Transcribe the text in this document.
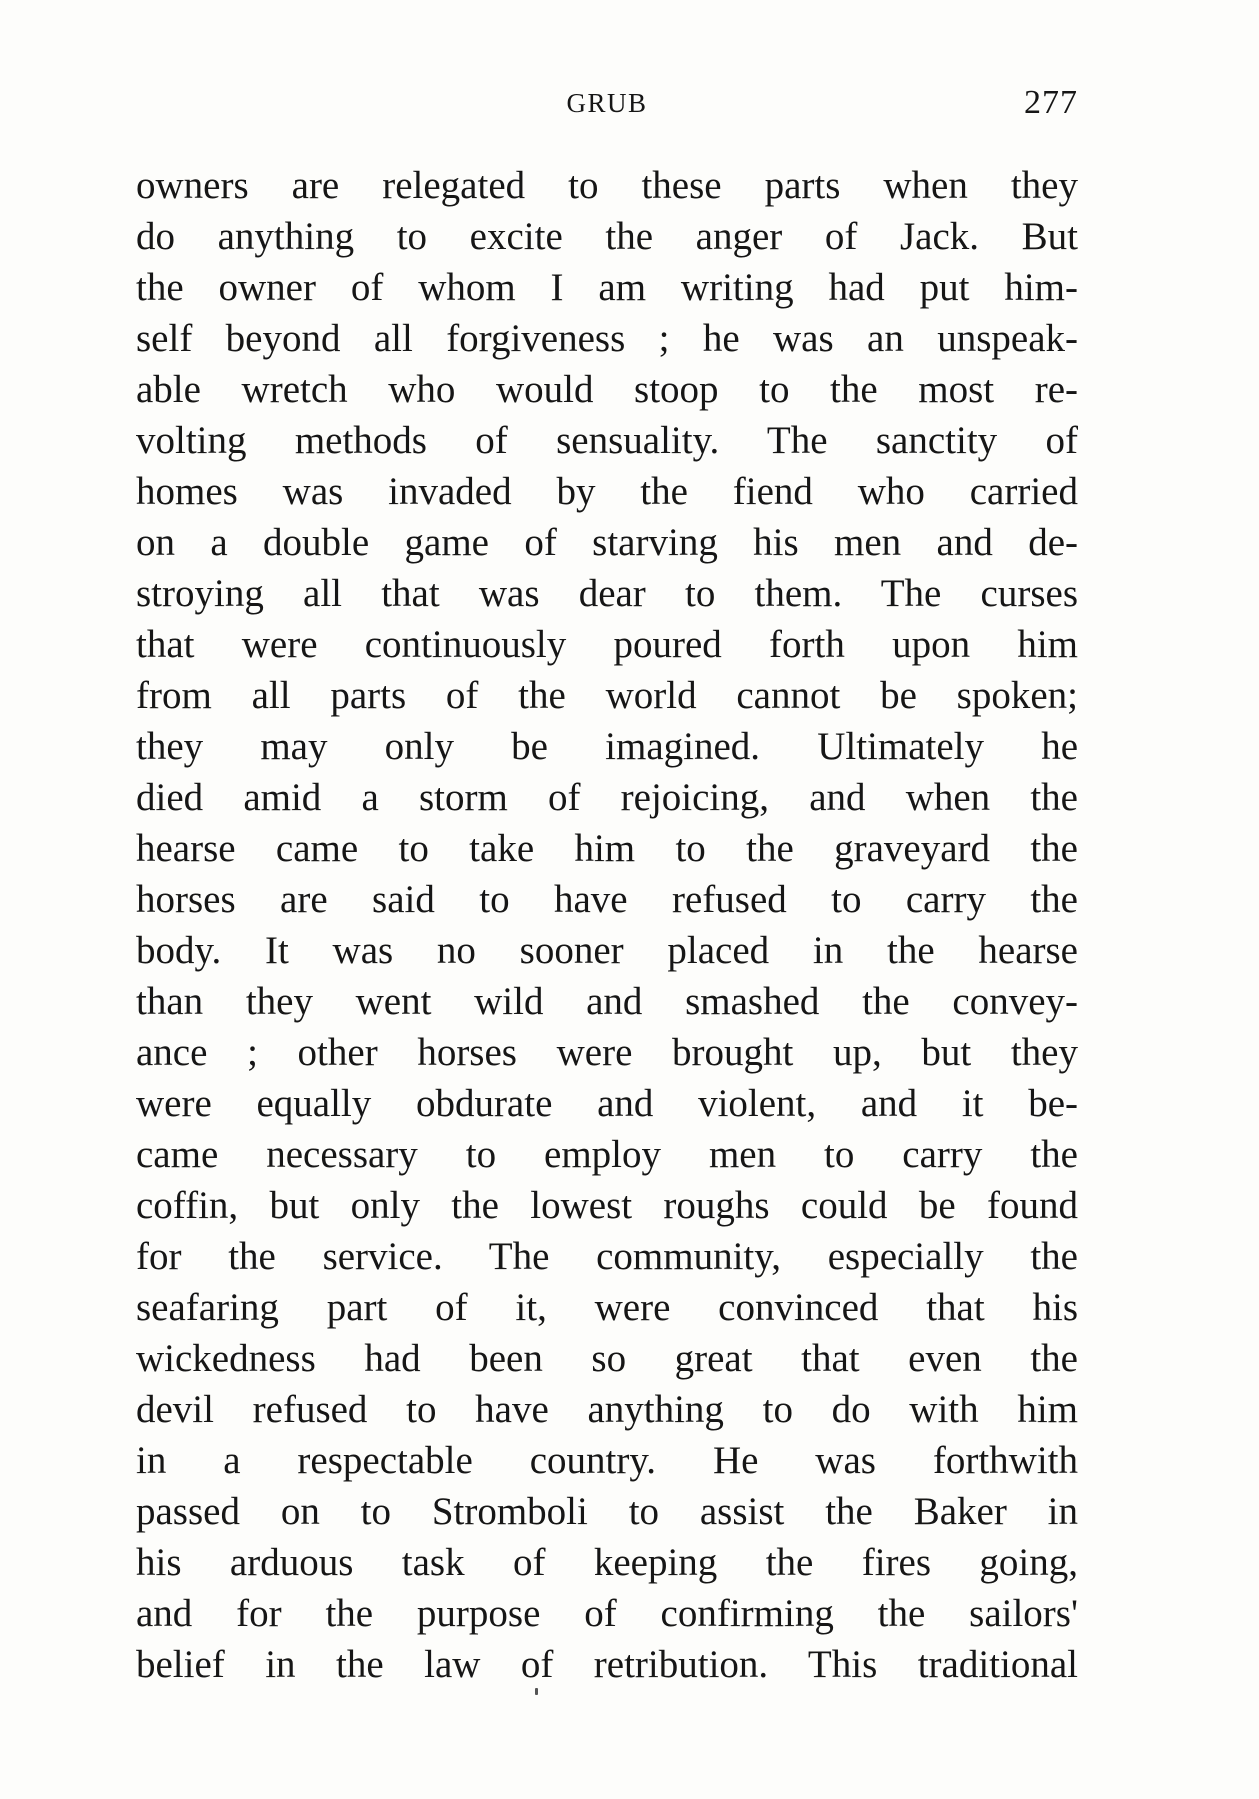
GRUB	277
owners are relegated to these parts when they
do anything to excite the anger of Jack. But
the owner of whom I am writing had put him-
self beyond all forgiveness ; he was an unspeak-
able wretch who would stoop to the most re-
volting methods of sensuality. The sanctity of
homes was invaded by the fiend who carried
on a double game of starving his men and de-
stroying all that was dear to them. The curses
that were continuously poured forth upon him
from all parts of the world cannot be spoken;
they may only be imagined. Ultimately he
died amid a storm of rejoicing, and when the
hearse came to take him to the graveyard the
horses are said to have refused to carry the
body. It was no sooner placed in the hearse
than they went wild and smashed the convey-
ance ; other horses were brought up, but they
were equally obdurate and violent, and it be-
came necessary to employ men to carry the
coffin, but only the lowest roughs could be found
for the service. The community, especially the
seafaring part of it, were convinced that his
wickedness had been so great that even the
devil refused to have anything to do with him
in a respectable country. He was forthwith
passed on to Stromboli to assist the Baker in
his arduous task of keeping the fires going,
and for the purpose of confirming the sailors'
belief in the law of retribution. This traditional
